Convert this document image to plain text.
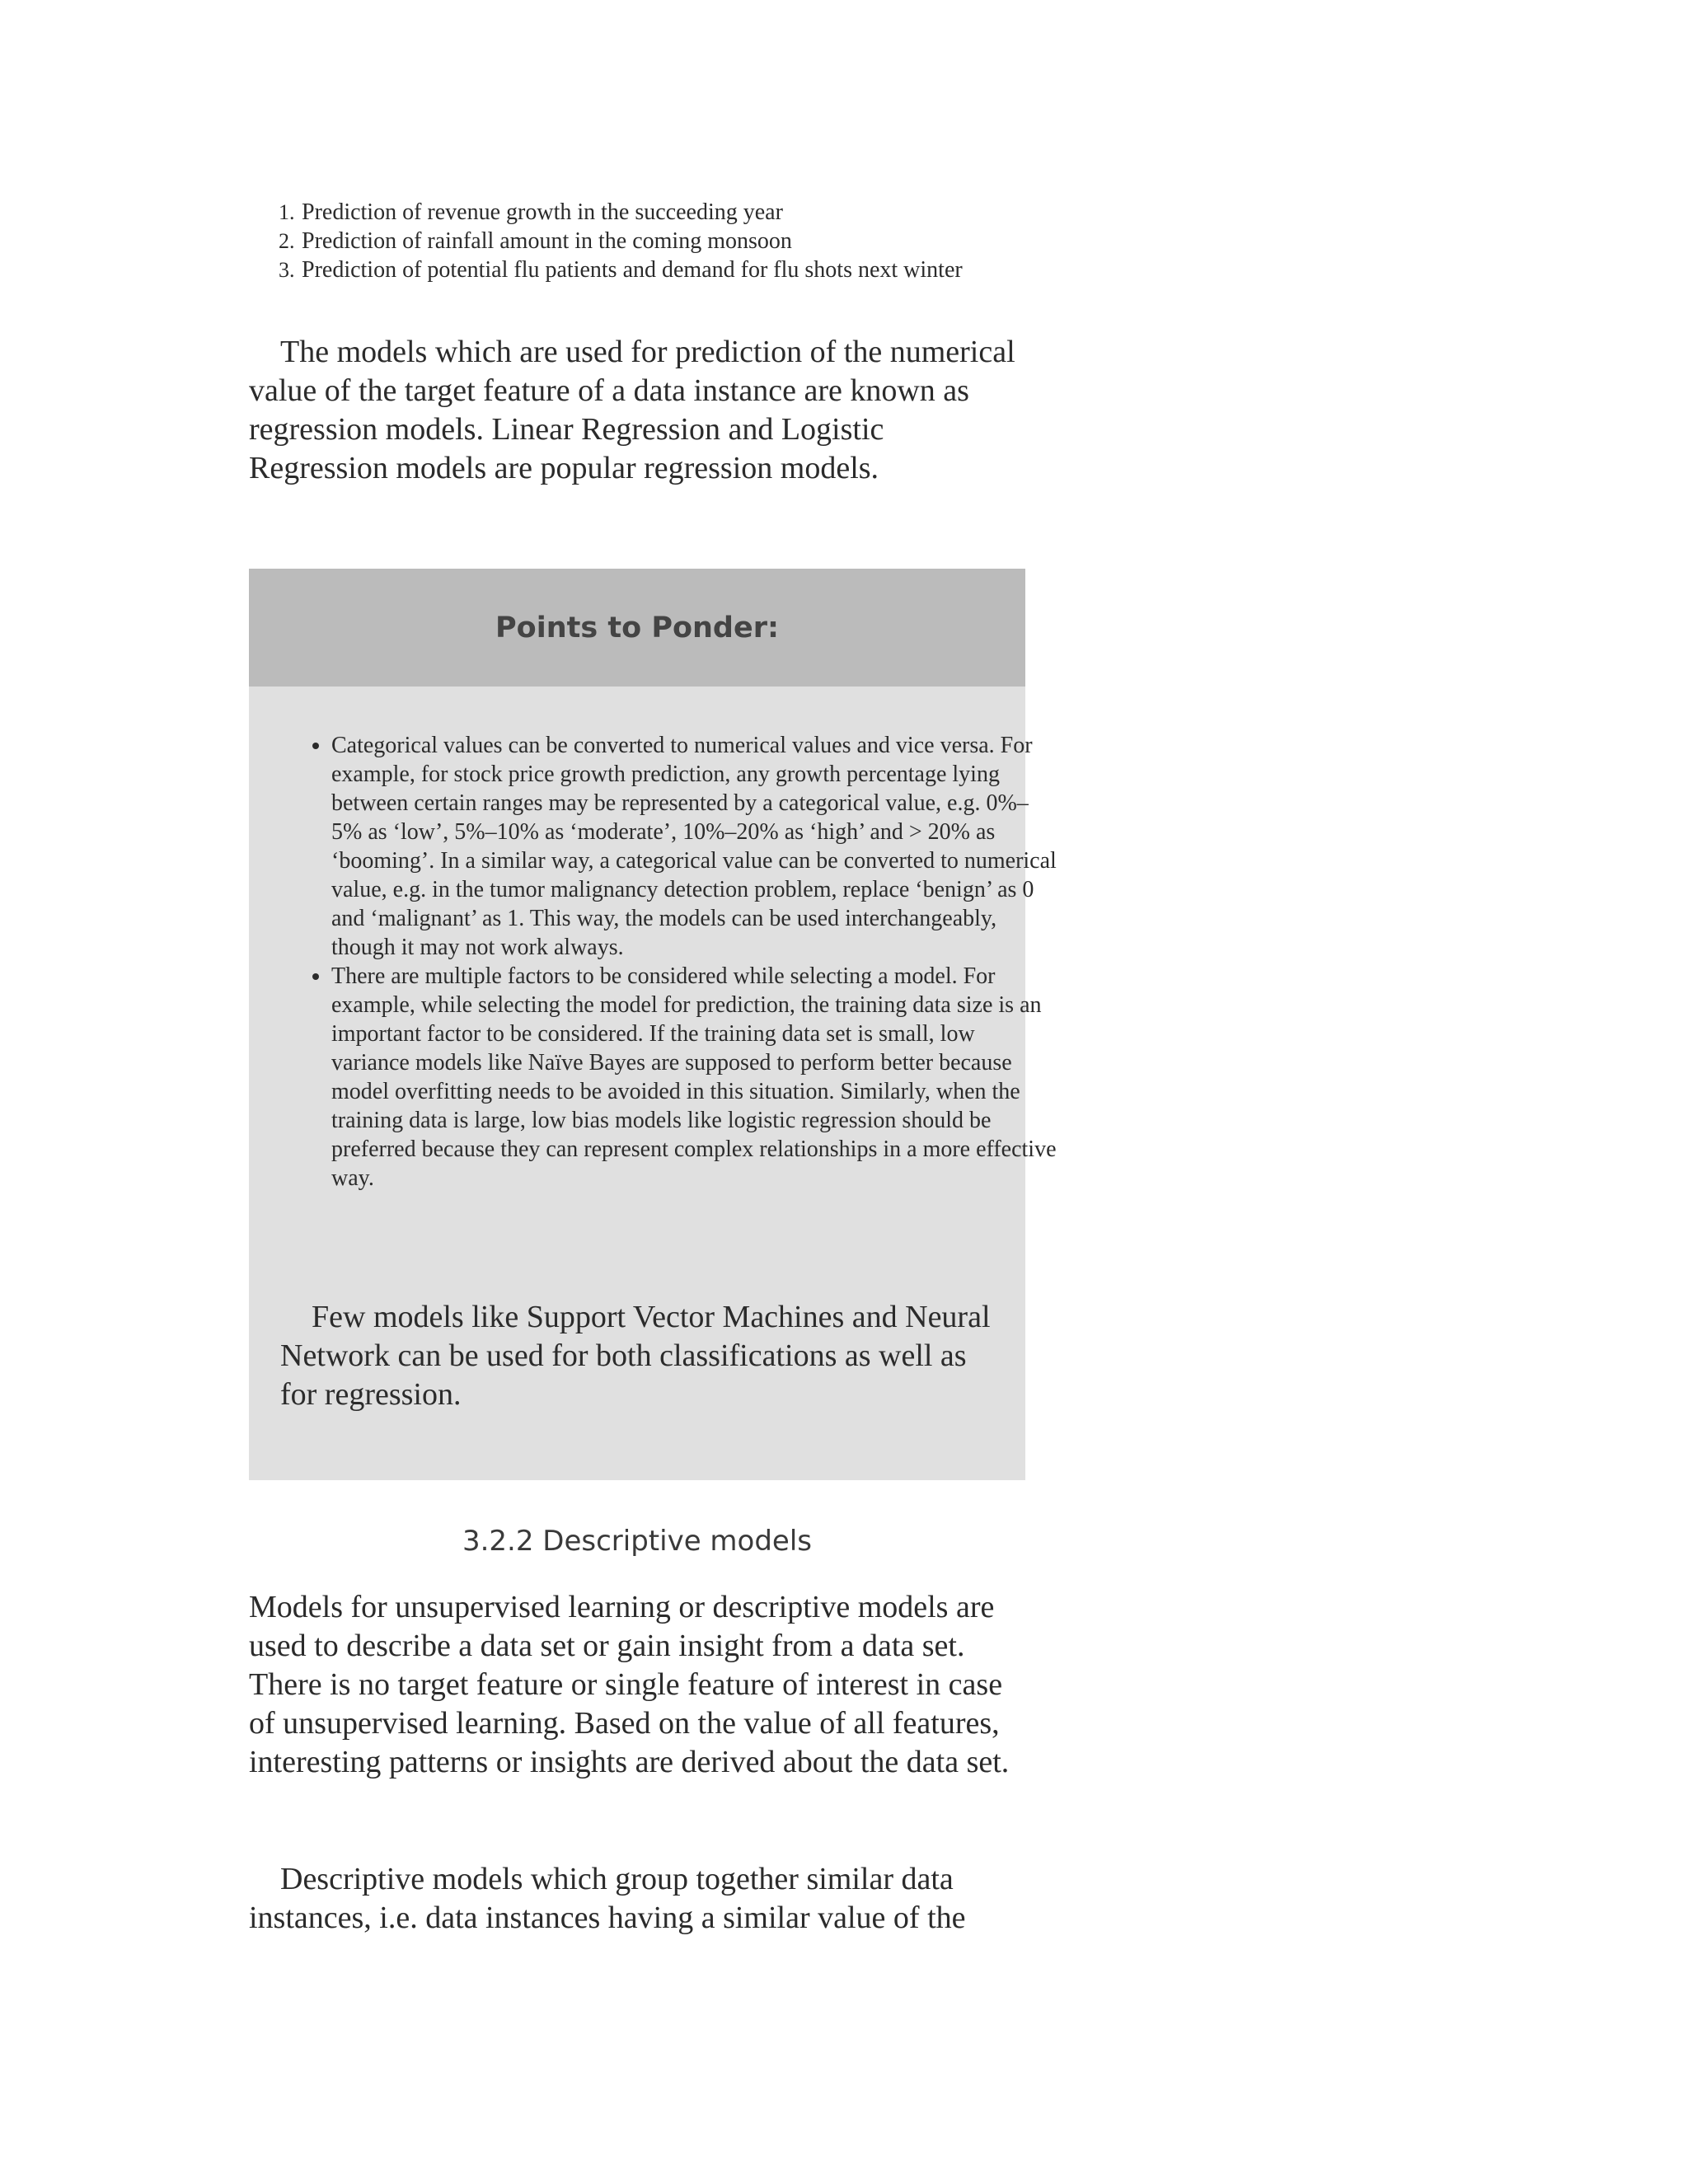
1. Prediction of revenue growth in the succeeding year
2. Prediction of rainfall amount in the coming monsoon
3. Prediction of potential flu patients and demand for flu shots next winter

The models which are used for prediction of the numerical value of the target feature of a data instance are known as regression models. Linear Regression and Logistic Regression models are popular regression models.

Points to Ponder:
• Categorical values can be converted to numerical values and vice versa. For example, for stock price growth prediction, any growth percentage lying between certain ranges may be represented by a categorical value, e.g. 0%–5% as ‘low’, 5%–10% as ‘moderate’, 10%–20% as ‘high’ and > 20% as ‘booming’. In a similar way, a categorical value can be converted to numerical value, e.g. in the tumor malignancy detection problem, replace ‘benign’ as 0 and ‘malignant’ as 1. This way, the models can be used interchangeably, though it may not work always.
• There are multiple factors to be considered while selecting a model. For example, while selecting the model for prediction, the training data size is an important factor to be considered. If the training data set is small, low variance models like Naïve Bayes are supposed to perform better because model overfitting needs to be avoided in this situation. Similarly, when the training data is large, low bias models like logistic regression should be preferred because they can represent complex relationships in a more effective way.

Few models like Support Vector Machines and Neural Network can be used for both classifications as well as for regression.

3.2.2 Descriptive models

Models for unsupervised learning or descriptive models are used to describe a data set or gain insight from a data set. There is no target feature or single feature of interest in case of unsupervised learning. Based on the value of all features, interesting patterns or insights are derived about the data set.

Descriptive models which group together similar data instances, i.e. data instances having a similar value of the
